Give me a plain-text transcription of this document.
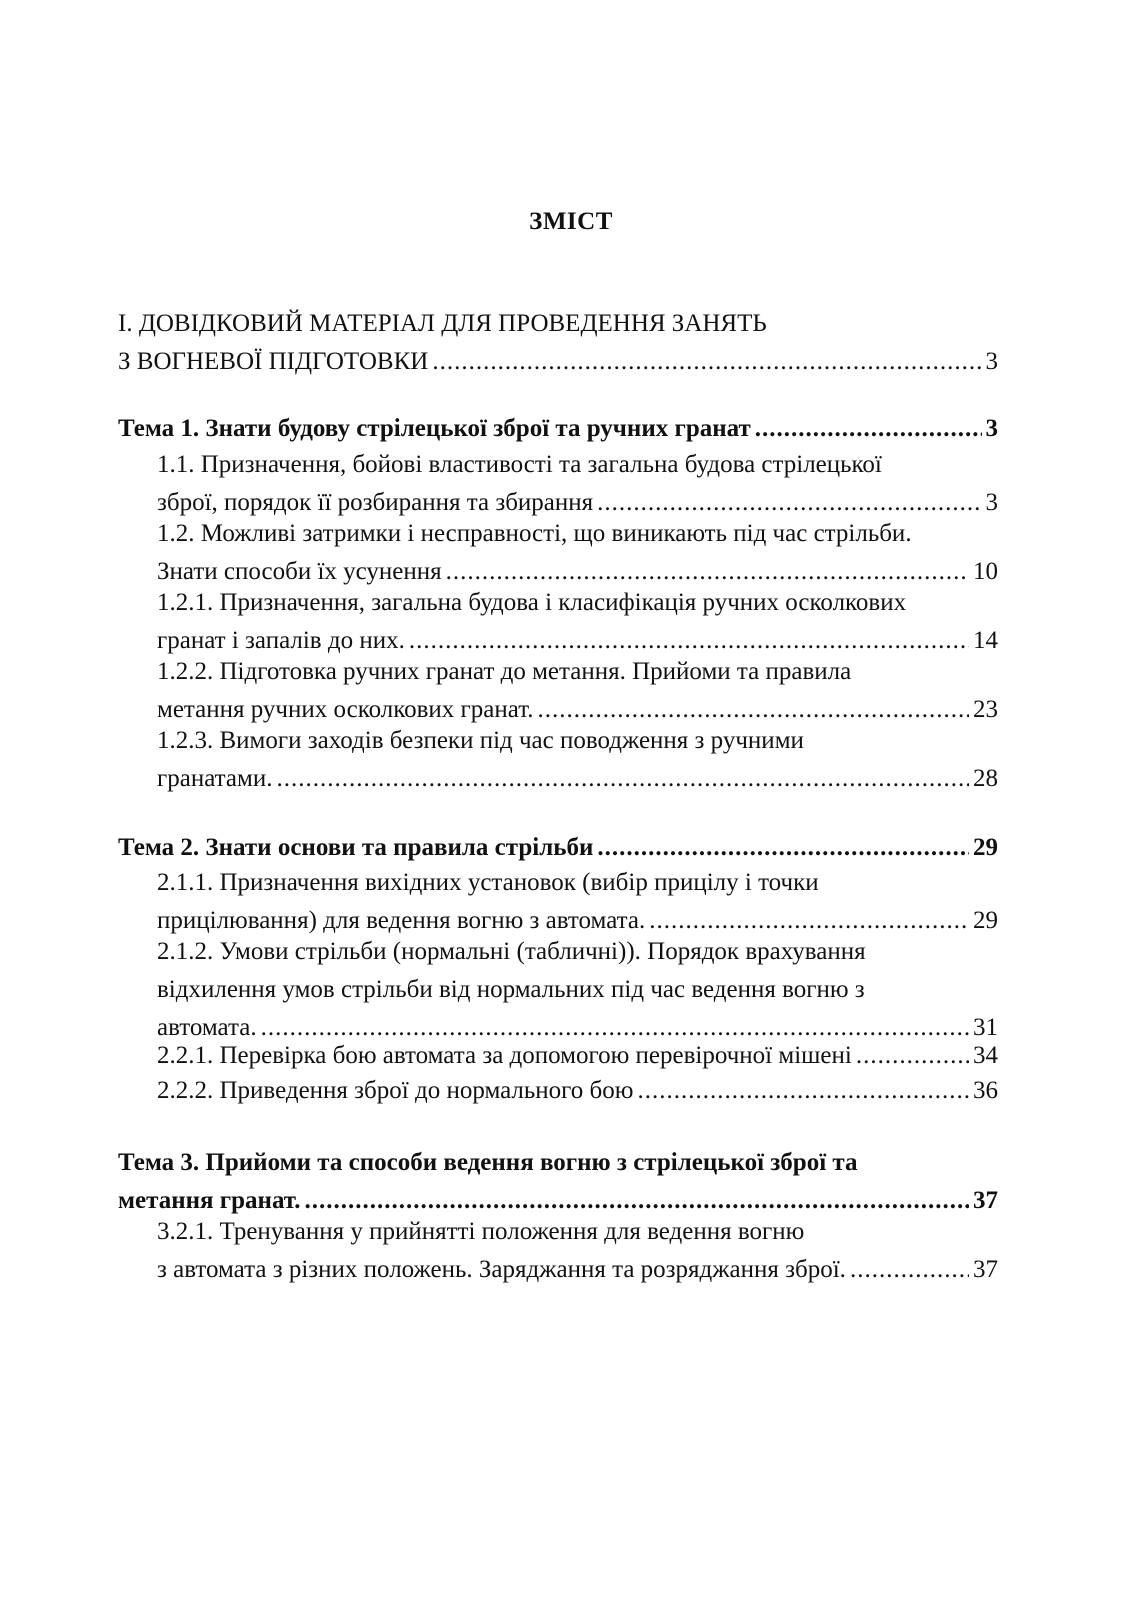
ЗМІСТ
I. ДОВІДКОВИЙ МАТЕРІАЛ ДЛЯ ПРОВЕДЕННЯ ЗАНЯТЬ
З ВОГНЕВОЇ ПІДГОТОВКИ .....	3
Тема 1. Знати будову стрілецької зброї та ручних гранат .....	3
1.1. Призначення, бойові властивості та загальна будова стрілецької
зброї, порядок її розбирання та збирання .....	3
1.2. Можливі затримки і несправності, що виникають під час стрільби.
Знати способи їх усунення .....	10
1.2.1. Призначення, загальна будова і класифікація ручних осколкових
гранат і запалів до них. .....	14
1.2.2. Підготовка ручних гранат до метання. Прийоми та правила
метання ручних осколкових гранат. .....	23
1.2.3. Вимоги заходів безпеки під час поводження з ручними
гранатами. .....	28
Тема 2. Знати основи та правила стрільби .....	29
2.1.1. Призначення вихідних установок (вибір прицілу і точки
прицілювання) для ведення вогню з автомата. .....	29
2.1.2. Умови стрільби (нормальні (табличні)). Порядок врахування
відхилення умов стрільби від нормальних під час ведення вогню з
автомата. .....	31
2.2.1. Перевірка бою автомата за допомогою перевірочної мішені .....	34
2.2.2. Приведення зброї до нормального бою .....	36
Тема 3. Прийоми та способи ведення вогню з стрілецької зброї та
метання гранат. .....	37
3.2.1. Тренування у прийнятті положення для ведення вогню
з автомата з різних положень. Заряджання та розряджання зброї. .....	37
